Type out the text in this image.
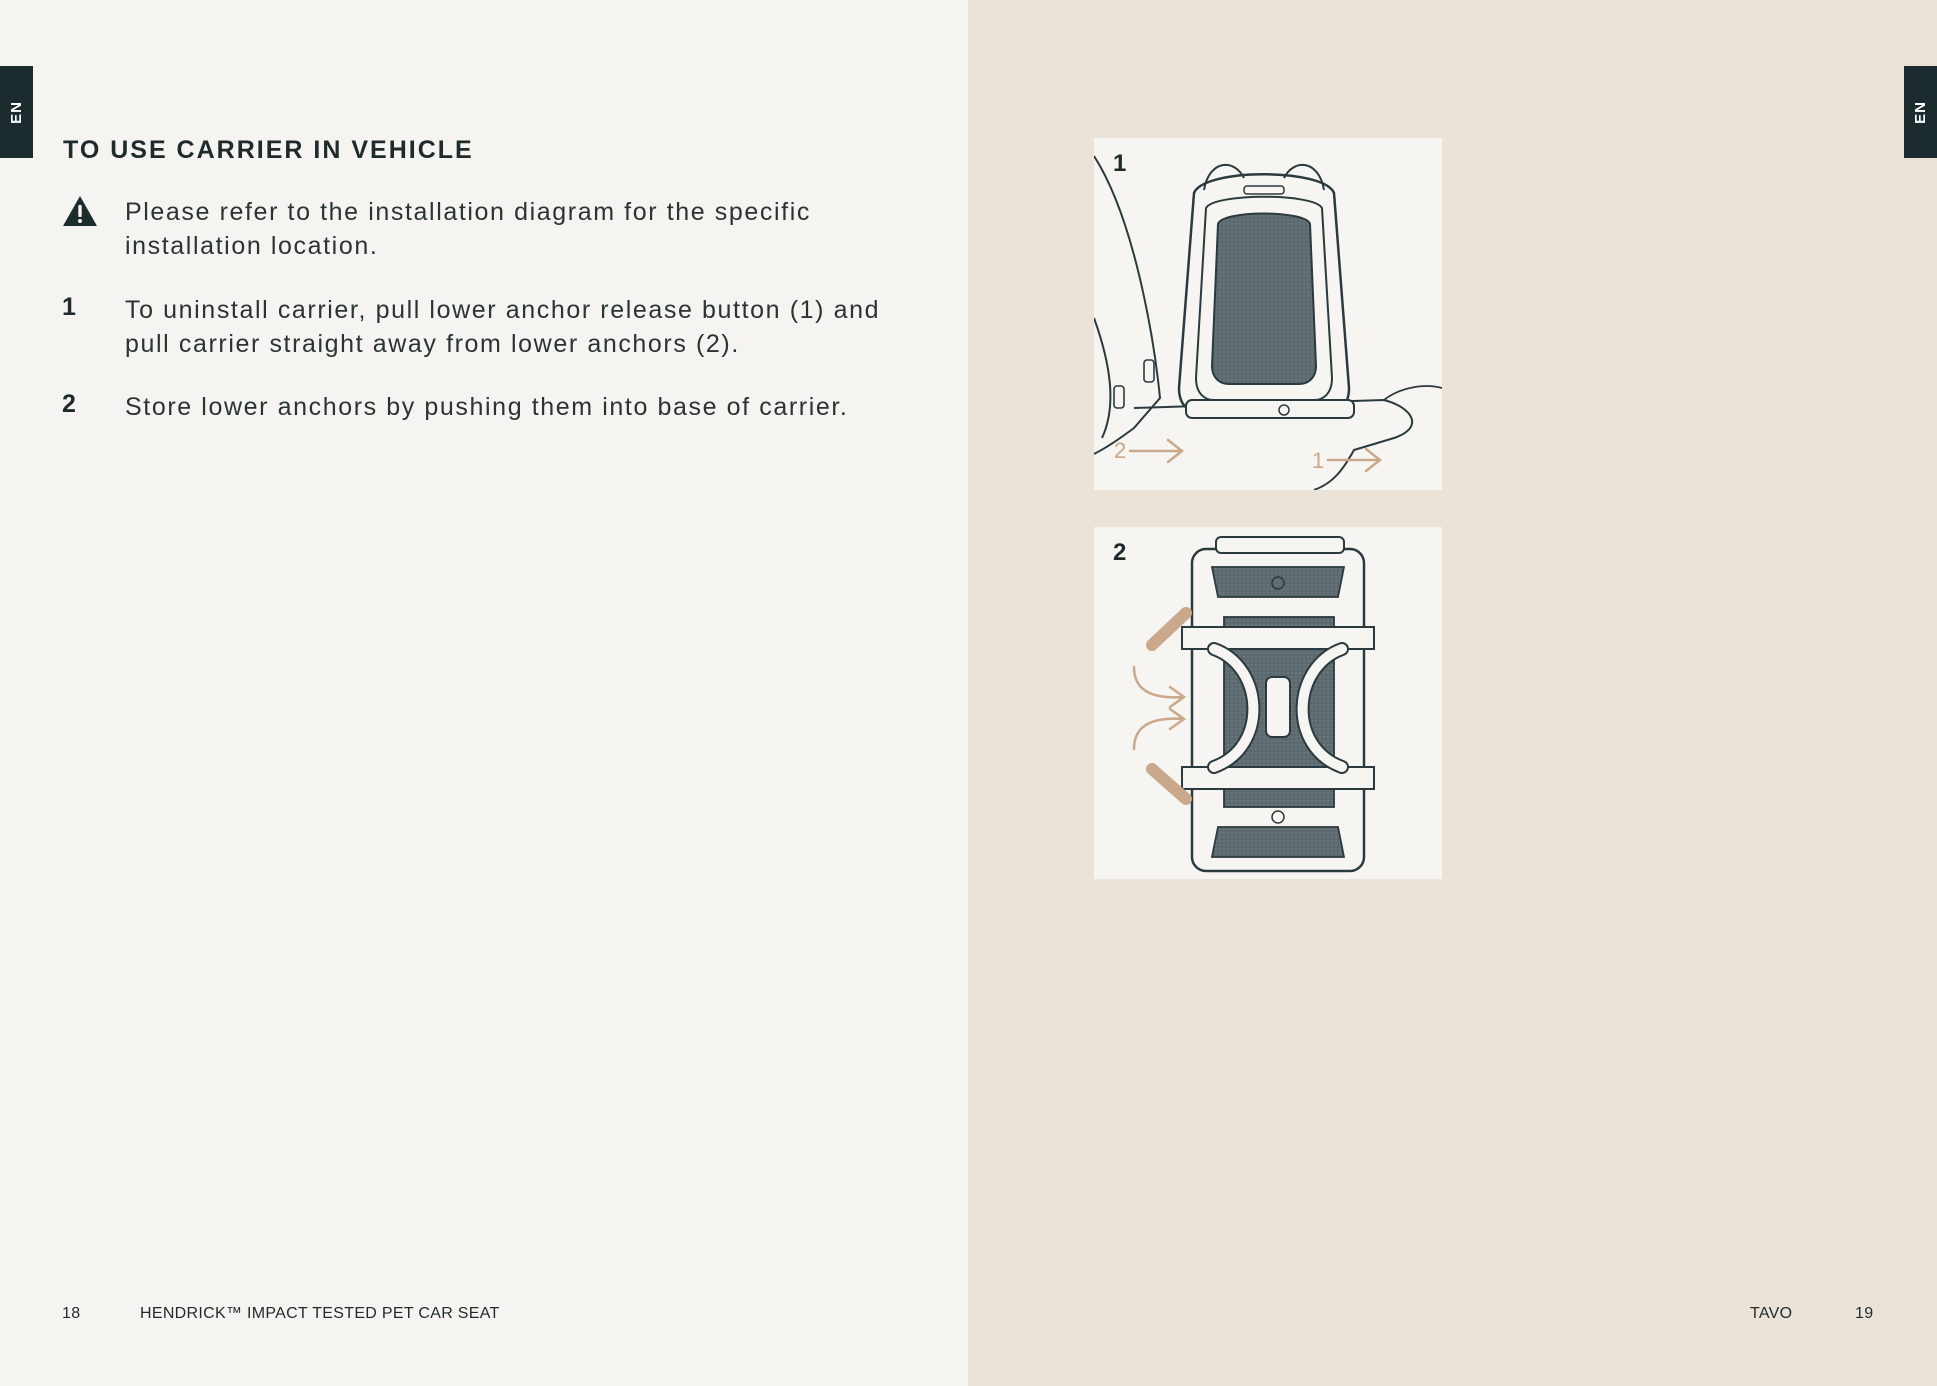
EN
TO USE CARRIER IN VEHICLE
Please refer to the installation diagram for the specific installation location.
1	To uninstall carrier, pull lower anchor release button (1) and pull carrier straight away from lower anchors (2).
2	Store lower anchors by pushing them into base of carrier.
18	HENDRICK™ IMPACT TESTED PET CAR SEAT
EN
TAVO	19
2	1
1
2
